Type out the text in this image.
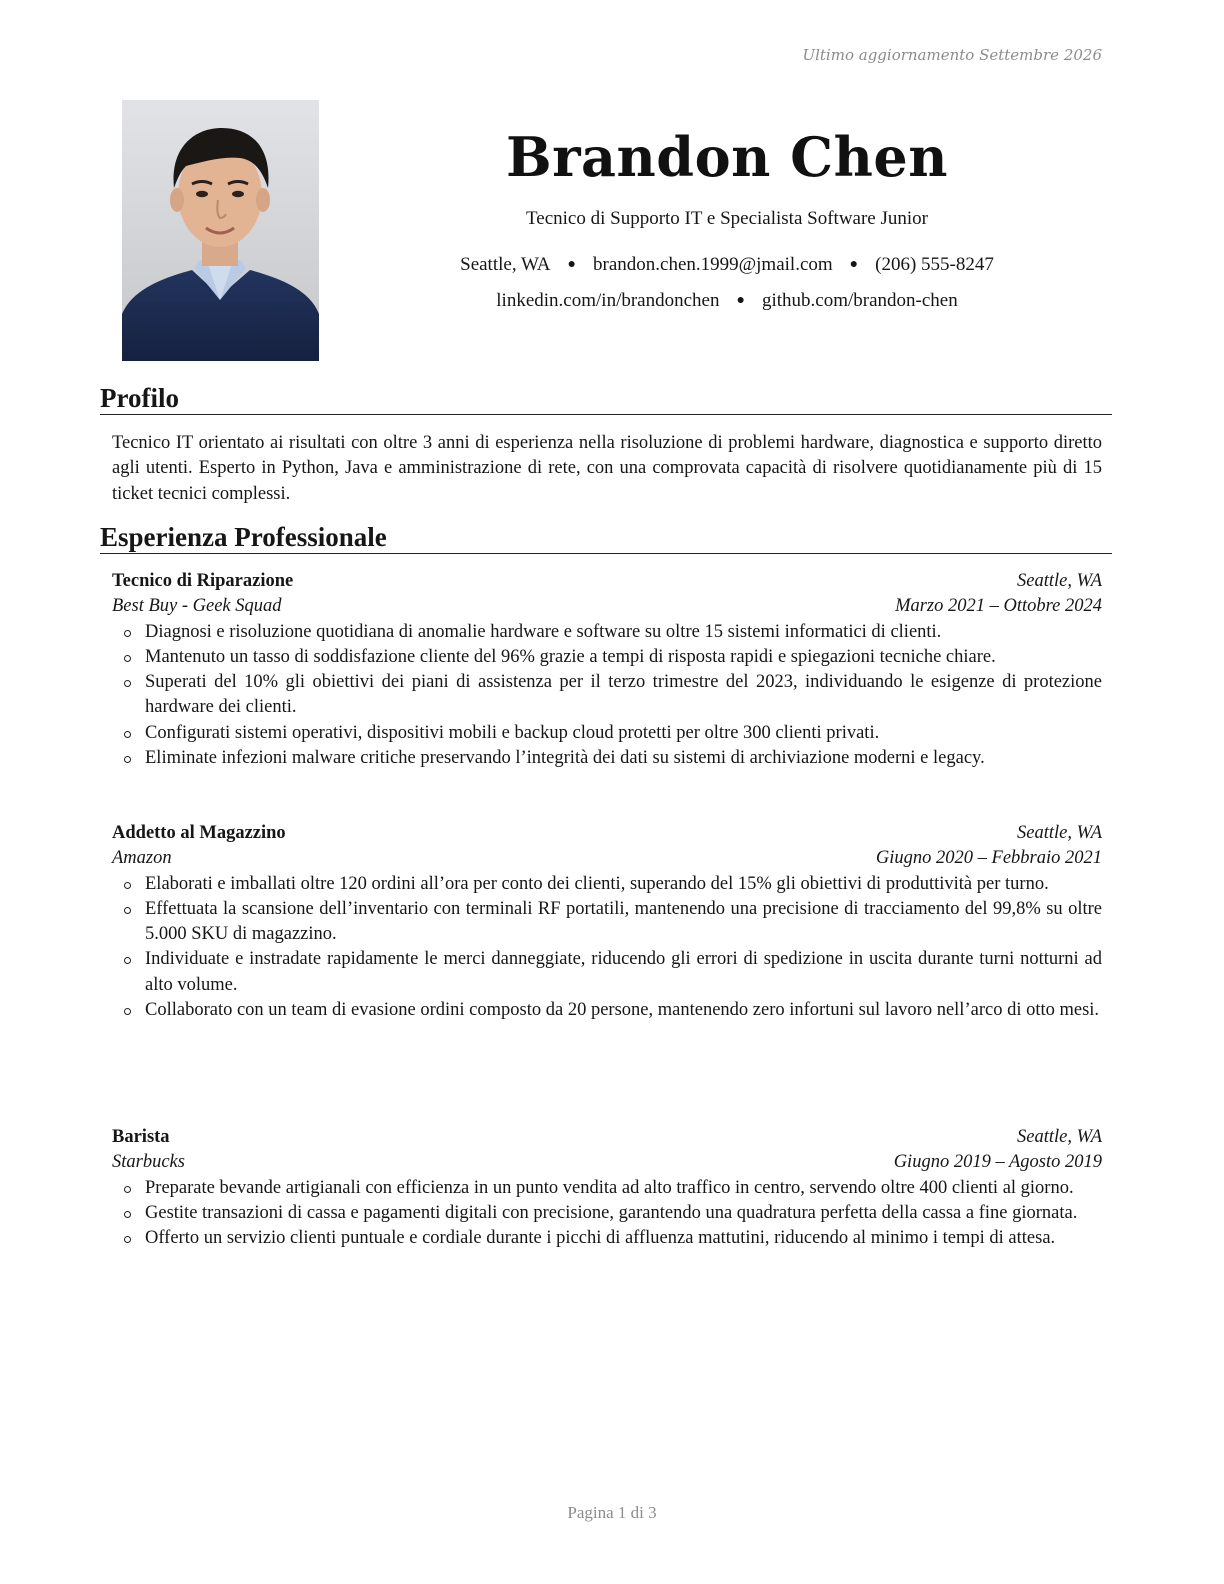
Ultimo aggiornamento Settembre 2026
Brandon Chen
Tecnico di Supporto IT e Specialista Software Junior
Seattle, WA ● brandon.chen.1999@jmail.com ● (206) 555-8247
linkedin.com/in/brandonchen ● github.com/brandon-chen
Profilo
Tecnico IT orientato ai risultati con oltre 3 anni di esperienza nella risoluzione di problemi hardware, diagnostica e supporto diretto agli utenti. Esperto in Python, Java e amministrazione di rete, con una comprovata capacità di risolvere quotidianamente più di 15 ticket tecnici complessi.
Esperienza Professionale
Tecnico di Riparazione	Seattle, WA
Best Buy - Geek Squad	Marzo 2021 – Ottobre 2024
Diagnosi e risoluzione quotidiana di anomalie hardware e software su oltre 15 sistemi informatici di clienti.
Mantenuto un tasso di soddisfazione cliente del 96% grazie a tempi di risposta rapidi e spiegazioni tecniche chiare.
Superati del 10% gli obiettivi dei piani di assistenza per il terzo trimestre del 2023, individuando le esigenze di protezione hardware dei clienti.
Configurati sistemi operativi, dispositivi mobili e backup cloud protetti per oltre 300 clienti privati.
Eliminate infezioni malware critiche preservando l’integrità dei dati su sistemi di archiviazione moderni e legacy.
Addetto al Magazzino	Seattle, WA
Amazon	Giugno 2020 – Febbraio 2021
Elaborati e imballati oltre 120 ordini all’ora per conto dei clienti, superando del 15% gli obiettivi di produttività per turno.
Effettuata la scansione dell’inventario con terminali RF portatili, mantenendo una precisione di tracciamento del 99,8% su oltre 5.000 SKU di magazzino.
Individuate e instradate rapidamente le merci danneggiate, riducendo gli errori di spedizione in uscita durante turni notturni ad alto volume.
Collaborato con un team di evasione ordini composto da 20 persone, mantenendo zero infortuni sul lavoro nell’arco di otto mesi.
Barista	Seattle, WA
Starbucks	Giugno 2019 – Agosto 2019
Preparate bevande artigianali con efficienza in un punto vendita ad alto traffico in centro, servendo oltre 400 clienti al giorno.
Gestite transazioni di cassa e pagamenti digitali con precisione, garantendo una quadratura perfetta della cassa a fine giornata.
Offerto un servizio clienti puntuale e cordiale durante i picchi di affluenza mattutini, riducendo al minimo i tempi di attesa.
Pagina 1 di 3
